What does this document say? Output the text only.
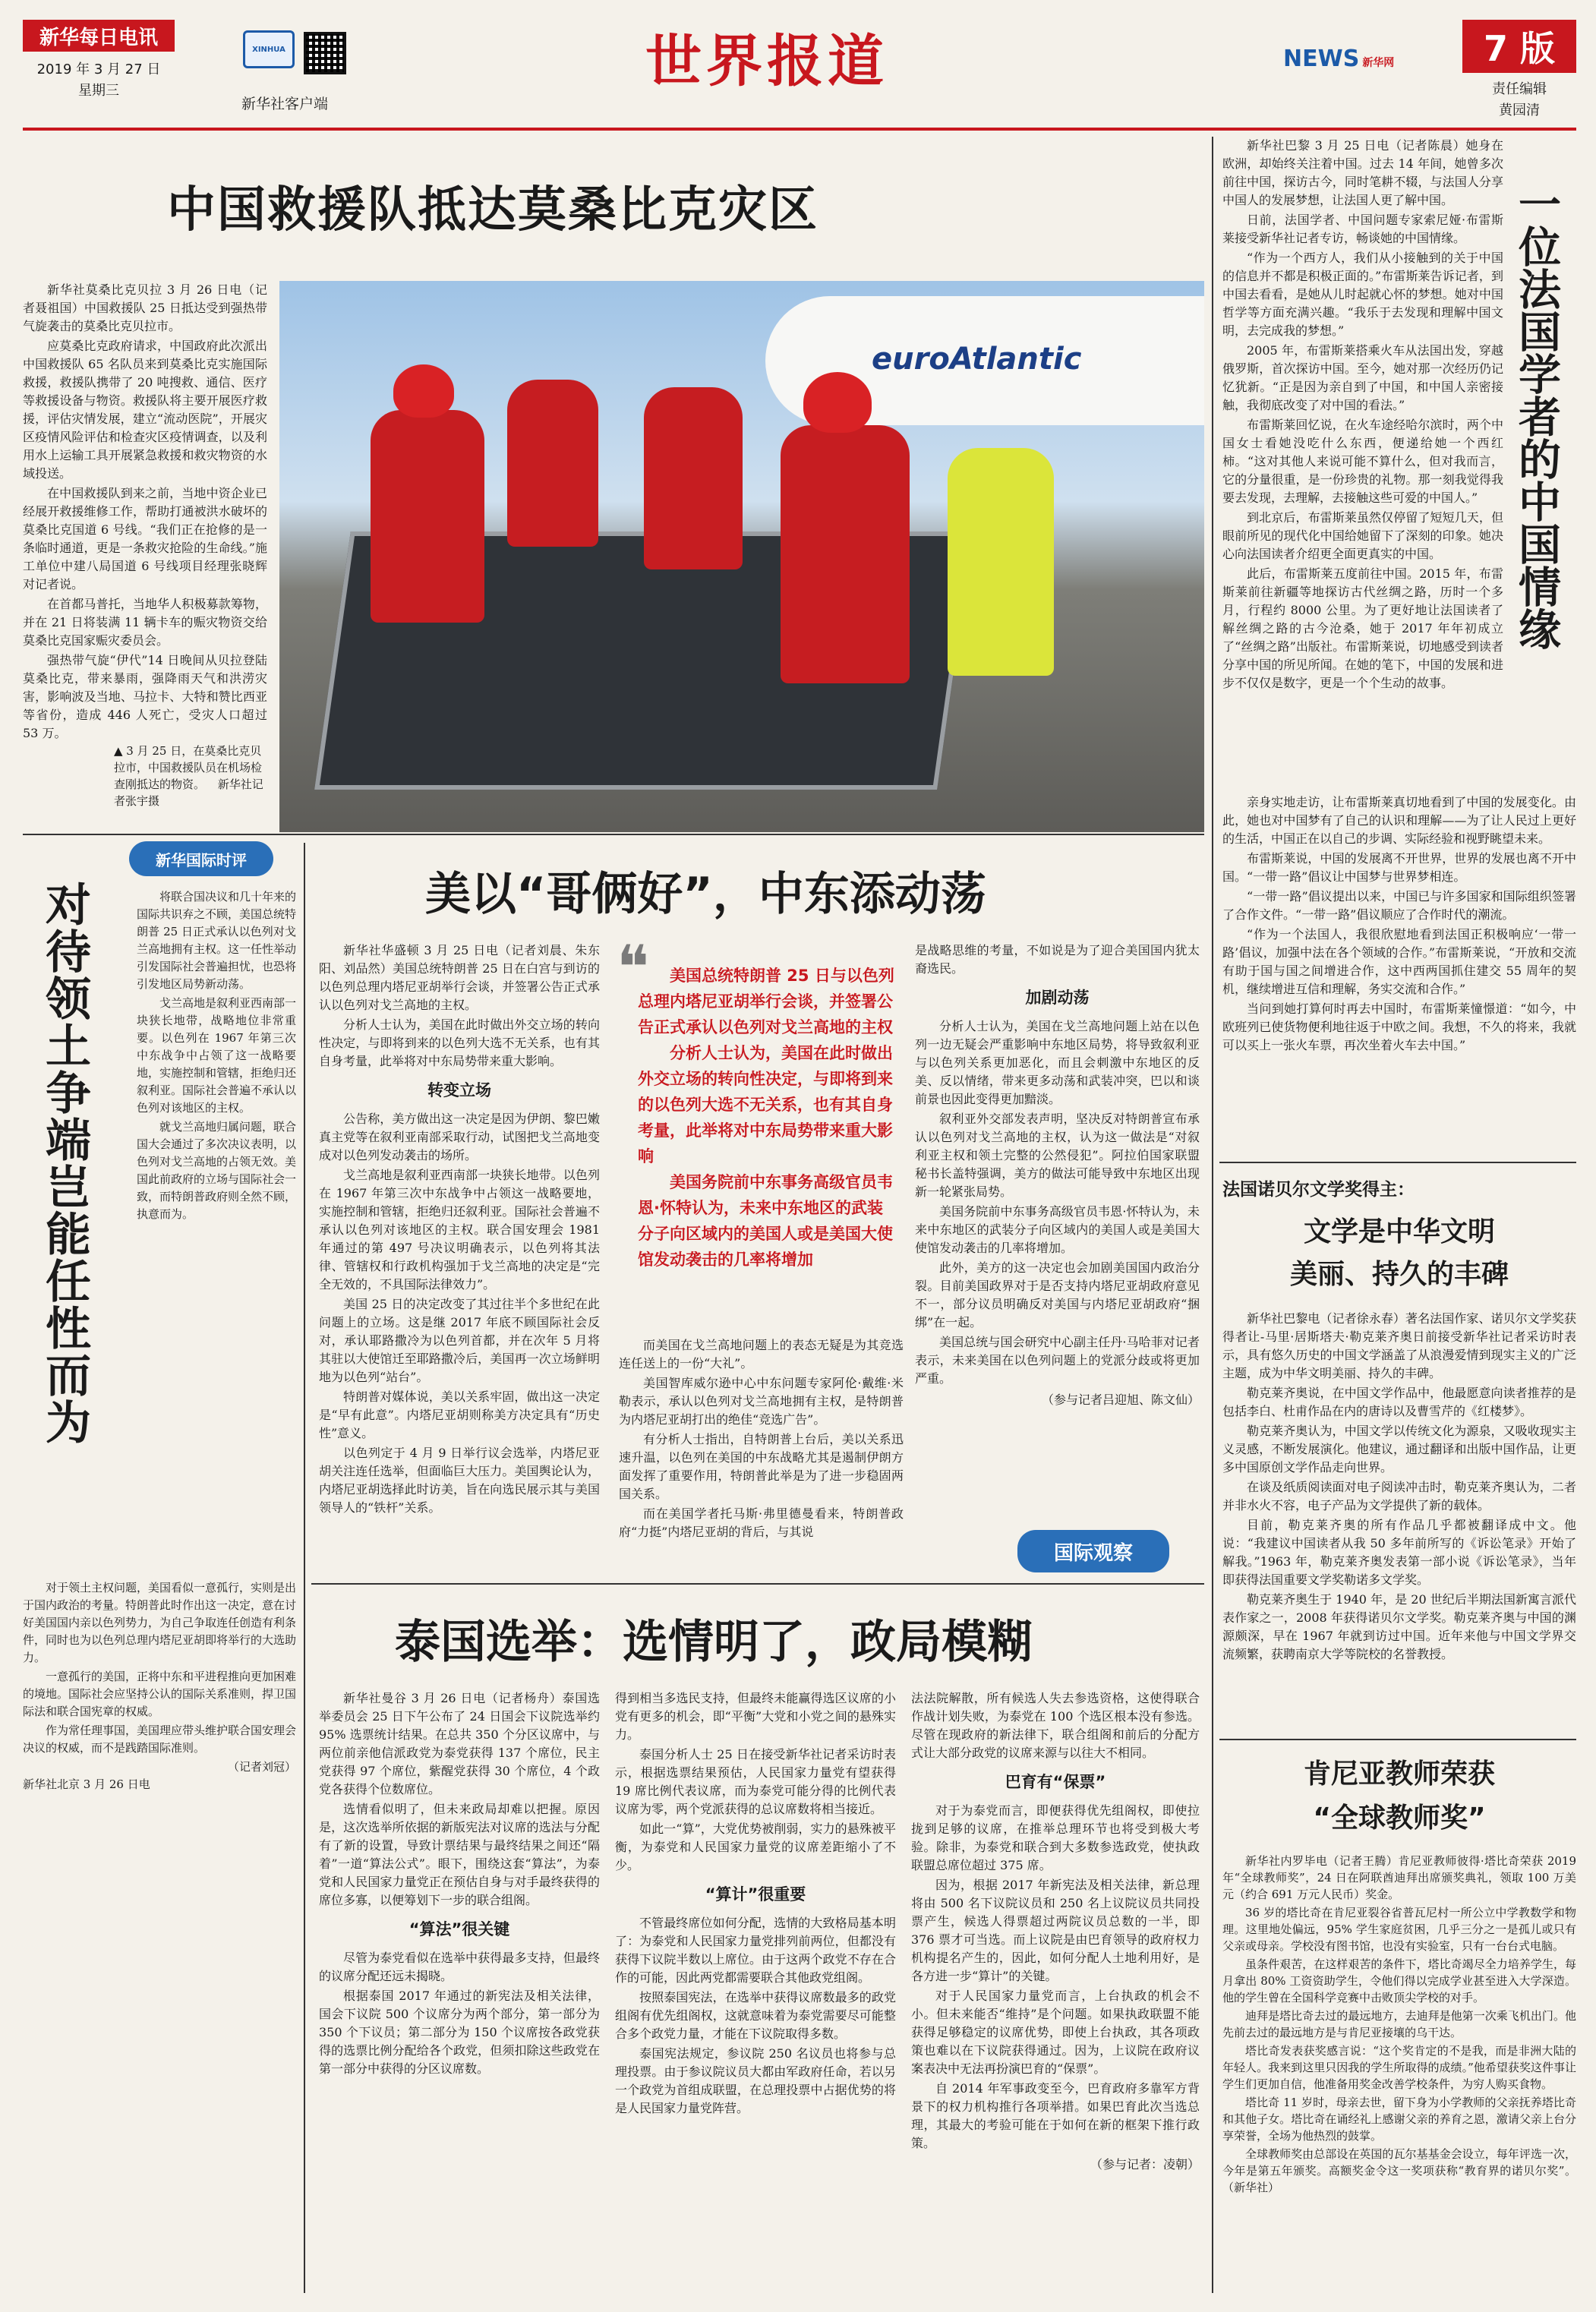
新华每日电讯
2019 年 3 月 27 日
星期三
XINHUA
新华社客户端
世界报道	NEWS 新华网	7 版
责任编辑
黄园清
中国救援队抵达莫桑比克灾区

新华社莫桑比克贝拉 3 月 26 日电（记者聂祖国）中国救援队 25 日抵达受到强热带气旋袭击的莫桑比克贝拉市。

应莫桑比克政府请求，中国政府此次派出中国救援队 65 名队员来到莫桑比克实施国际救援，救援队携带了 20 吨搜救、通信、医疗等救援设备与物资。救援队将主要开展医疗救援，评估灾情发展，建立“流动医院”，开展灾区疫情风险评估和检查灾区疫情调查，以及利用水上运输工具开展紧急救援和救灾物资的水域投送。

在中国救援队到来之前，当地中资企业已经展开救援维修工作，帮助打通被洪水破坏的莫桑比克国道 6 号线。“我们正在抢修的是一条临时通道，更是一条救灾抢险的生命线。”施工单位中建八局国道 6 号线项目经理张晓辉对记者说。

在首都马普托，当地华人积极募款筹物，并在 21 日将装满 11 辆卡车的赈灾物资交给莫桑比克国家赈灾委员会。

强热带气旋“伊代”14 日晚间从贝拉登陆莫桑比克，带来暴雨，强降雨天气和洪涝灾害，影响波及当地、马拉卡、大特和赞比西亚等省份，造成 446 人死亡，受灾人口超过 53 万。

▲ 3 月 25 日，在莫桑比克贝拉市，中国救援队员在机场检查刚抵达的物资。 新华社记者张宇摄
euroAtlantic
新华国际时评
对待领土争端岂能任性而为	将联合国决议和几十年来的国际共识弃之不顾，美国总统特朗普 25 日正式承认以色列对戈兰高地拥有主权。这一任性举动引发国际社会普遍担忧，也恐将引发地区局势新动荡。

戈兰高地是叙利亚西南部一块狭长地带，战略地位非常重要。以色列在 1967 年第三次中东战争中占领了这一战略要地，实施控制和管辖，拒绝归还叙利亚。国际社会普遍不承认以色列对该地区的主权。

就戈兰高地归属问题，联合国大会通过了多次决议表明，以色列对戈兰高地的占领无效。美国此前政府的立场与国际社会一致，而特朗普政府则全然不顾，执意而为。

对于领土主权问题，美国看似一意孤行，实则是出于国内政治的考量。特朗普此时作出这一决定，意在讨好美国国内亲以色列势力，为自己争取连任创造有利条件，同时也为以色列总理内塔尼亚胡即将举行的大选助力。

一意孤行的美国，正将中东和平进程推向更加困难的境地。国际社会应坚持公认的国际关系准则，捍卫国际法和联合国宪章的权威。

作为常任理事国，美国理应带头维护联合国安理会决议的权威，而不是践踏国际准则。

（记者刘冠）
新华社北京 3 月 26 日电
美以“哥俩好”，中东添动荡

新华社华盛顿 3 月 25 日电（记者刘晨、朱东阳、刘品然）美国总统特朗普 25 日在白宫与到访的以色列总理内塔尼亚胡举行会谈，并签署公告正式承认以色列对戈兰高地的主权。

分析人士认为，美国在此时做出外交立场的转向性决定，与即将到来的以色列大选不无关系，也有其自身考量，此举将对中东局势带来重大影响。

转变立场

公告称，美方做出这一决定是因为伊朗、黎巴嫩真主党等在叙利亚南部采取行动，试图把戈兰高地变成对以色列发动袭击的场所。

戈兰高地是叙利亚西南部一块狭长地带。以色列在 1967 年第三次中东战争中占领这一战略要地，实施控制和管辖，拒绝归还叙利亚。国际社会普遍不承认以色列对该地区的主权。联合国安理会 1981 年通过的第 497 号决议明确表示，以色列将其法律、管辖权和行政机构强加于戈兰高地的决定是“完全无效的，不具国际法律效力”。

美国 25 日的决定改变了其过往半个多世纪在此问题上的立场。这是继 2017 年底不顾国际社会反对，承认耶路撒冷为以色列首都，并在次年 5 月将其驻以大使馆迁至耶路撒冷后，美国再一次立场鲜明地为以色列“站台”。

特朗普对媒体说，美以关系牢固，做出这一决定是“早有此意”。内塔尼亚胡则称美方决定具有“历史性”意义。

以色列定于 4 月 9 日举行议会选举，内塔尼亚胡关注连任选举，但面临巨大压力。美国舆论认为，内塔尼亚胡选择此时访美，旨在向选民展示其与美国领导人的“铁杆”关系。

❝	美国总统特朗普 25 日与以色列总理内塔尼亚胡举行会谈，并签署公告正式承认以色列对戈兰高地的主权

分析人士认为，美国在此时做出外交立场的转向性决定，与即将到来的以色列大选不无关系，也有其自身考量，此举将对中东局势带来重大影响

美国务院前中东事务高级官员韦恩·怀特认为，未来中东地区的武装分子向区域内的美国人或是美国大使馆发动袭击的几率将增加

而美国在戈兰高地问题上的表态无疑是为其竞选连任送上的一份“大礼”。

美国智库威尔逊中心中东问题专家阿伦·戴维·米勒表示，承认以色列对戈兰高地拥有主权，是特朗普为内塔尼亚胡打出的绝佳“竞选广告”。

有分析人士指出，自特朗普上台后，美以关系迅速升温，以色列在美国的中东战略尤其是遏制伊朗方面发挥了重要作用，特朗普此举是为了进一步稳固两国关系。

而在美国学者托马斯·弗里德曼看来，特朗普政府“力挺”内塔尼亚胡的背后，与其说

是战略思维的考量，不如说是为了迎合美国国内犹太裔选民。

加剧动荡

分析人士认为，美国在戈兰高地问题上站在以色列一边无疑会严重影响中东地区局势，将导致叙利亚与以色列关系更加恶化，而且会刺激中东地区的反美、反以情绪，带来更多动荡和武装冲突，巴以和谈前景也因此变得更加黯淡。

叙利亚外交部发表声明，坚决反对特朗普宣布承认以色列对戈兰高地的主权，认为这一做法是“对叙利亚主权和领土完整的公然侵犯”。阿拉伯国家联盟秘书长盖特强调，美方的做法可能导致中东地区出现新一轮紧张局势。

美国务院前中东事务高级官员韦恩·怀特认为，未来中东地区的武装分子向区域内的美国人或是美国大使馆发动袭击的几率将增加。

此外，美方的这一决定也会加剧美国国内政治分裂。目前美国政界对于是否支持内塔尼亚胡政府意见不一，部分议员明确反对美国与内塔尼亚胡政府“捆绑”在一起。

美国总统与国会研究中心副主任丹·马哈菲对记者表示，未来美国在以色列问题上的党派分歧或将更加严重。

（参与记者吕迎旭、陈文仙）
国际观察
泰国选举：选情明了，政局模糊

新华社曼谷 3 月 26 日电（记者杨舟）泰国选举委员会 25 日下午公布了 24 日国会下议院选举约 95% 选票统计结果。在总共 350 个分区议席中，与两位前亲他信派政党为泰党获得 137 个席位，民主党获得 97 个席位，紫醒党获得 30 个席位，4 个政党各获得个位数席位。

选情看似明了，但未来政局却难以把握。原因是，这次选举所依据的新版宪法对议席的选法与分配有了新的设置，导致计票结果与最终结果之间还“隔着”一道“算法公式”。眼下，围绕这套“算法”，为泰党和人民国家力量党正在预估自身与对手最终获得的席位多寡，以便筹划下一步的联合组阁。

“算法”很关键

尽管为泰党看似在选举中获得最多支持，但最终的议席分配还远未揭晓。

根据泰国 2017 年通过的新宪法及相关法律，国会下议院 500 个议席分为两个部分，第一部分为 350 个下议员；第二部分为 150 个议席按各政党获得的选票比例分配给各个政党，但须扣除这些政党在第一部分中获得的分区议席数。

得到相当多选民支持，但最终未能赢得选区议席的小党有更多的机会，即“平衡”大党和小党之间的悬殊实力。

泰国分析人士 25 日在接受新华社记者采访时表示，根据选票结果预估，人民国家力量党有望获得 19 席比例代表议席，而为泰党可能分得的比例代表议席为零，两个党派获得的总议席数将相当接近。

如此一“算”，大党优势被削弱，实力的悬殊被平衡，为泰党和人民国家力量党的议席差距缩小了不少。

“算计”很重要

不管最终席位如何分配，选情的大致格局基本明了：为泰党和人民国家力量党排列前两位，但都没有获得下议院半数以上席位。由于这两个政党不存在合作的可能，因此两党都需要联合其他政党组阁。

按照泰国宪法，在选举中获得议席数最多的政党组阁有优先组阁权，这就意味着为泰党需要尽可能整合多个政党力量，才能在下议院取得多数。

泰国宪法规定，参议院 250 名议员也将参与总理投票。由于参议院议员大都由军政府任命，若以另一个政党为首组成联盟，在总理投票中占据优势的将是人民国家力量党阵营。

法法院解散，所有候选人失去参选资格，这使得联合作战计划失败，为泰党在 100 个选区根本没有参选。尽管在现政府的新法律下，联合组阁和前后的分配方式让大部分政党的议席来源与以往大不相同。

巴育有“保票”

对于为泰党而言，即便获得优先组阁权，即使拉拢到足够的议席，在推举总理环节也将受到极大考验。除非，为泰党和联合到大多数参选政党，使执政联盟总席位超过 375 席。

因为，根据 2017 年新宪法及相关法律，新总理将由 500 名下议院议员和 250 名上议院议员共同投票产生，候选人得票超过两院议员总数的一半，即 376 票才可当选。而上议院是由巴育领导的政府权力机构提名产生的，因此，如何分配人土地利用好，是各方进一步“算计”的关键。

对于人民国家力量党而言，上台执政的机会不小。但未来能否“维持”是个问题。如果执政联盟不能获得足够稳定的议席优势，即使上台执政，其各项政策也难以在下议院获得通过。因为，上议院在政府议案表决中无法再扮演巴育的“保票”。

自 2014 年军事政变至今，巴育政府多靠军方背景下的权力机构推行各项举措。如果巴育此次当选总理，其最大的考验可能在于如何在新的框架下推行政策。

（参与记者：凌朝）

新华社巴黎 3 月 25 日电（记者陈晨）她身在欧洲，却始终关注着中国。过去 14 年间，她曾多次前往中国，探访古今，同时笔耕不辍，与法国人分享中国人的发展梦想，让法国人更了解中国。

日前，法国学者、中国问题专家索尼娅·布雷斯莱接受新华社记者专访，畅谈她的中国情缘。

“作为一个西方人，我们从小接触到的关于中国的信息并不都是积极正面的。”布雷斯莱告诉记者，到中国去看看，是她从儿时起就心怀的梦想。她对中国哲学等方面充满兴趣。“我乐于去发现和理解中国文明，去完成我的梦想。”

2005 年，布雷斯莱搭乘火车从法国出发，穿越俄罗斯，首次探访中国。至今，她对那一次经历仍记忆犹新。“正是因为亲自到了中国，和中国人亲密接触，我彻底改变了对中国的看法。”

布雷斯莱回忆说，在火车途经哈尔滨时，两个中国女士看她没吃什么东西，便递给她一个西红柿。“这对其他人来说可能不算什么，但对我而言，它的分量很重，是一份珍贵的礼物。那一刻我觉得我要去发现，去理解，去接触这些可爱的中国人。”

到北京后，布雷斯莱虽然仅停留了短短几天，但眼前所见的现代化中国给她留下了深刻的印象。她决心向法国读者介绍更全面更真实的中国。

此后，布雷斯莱五度前往中国。2015 年，布雷斯莱前往新疆等地探访古代丝绸之路，历时一个多月，行程约 8000 公里。为了更好地让法国读者了解丝绸之路的古今沧桑，她于 2017 年年初成立了“丝绸之路”出版社。布雷斯莱说，切地感受到读者分享中国的所见所闻。在她的笔下，中国的发展和进步不仅仅是数字，更是一个个生动的故事。

一位法国学者的中国情缘

亲身实地走访，让布雷斯莱真切地看到了中国的发展变化。由此，她也对中国梦有了自己的认识和理解——为了让人民过上更好的生活，中国正在以自己的步调、实际经验和视野眺望未来。

布雷斯莱说，中国的发展离不开世界，世界的发展也离不开中国。“一带一路”倡议让中国梦与世界梦相连。

“一带一路”倡议提出以来，中国已与许多国家和国际组织签署了合作文件。“一带一路”倡议顺应了合作时代的潮流。

“作为一个法国人，我很欣慰地看到法国正积极响应‘一带一路’倡议，加强中法在各个领域的合作。”布雷斯莱说，“开放和交流有助于国与国之间增进合作，这中西两国抓住建交 55 周年的契机，继续增进互信和理解，务实交流和合作。”

当问到她打算何时再去中国时，布雷斯莱憧憬道：“如今，中欧班列已使货物便利地往返于中欧之间。我想，不久的将来，我就可以买上一张火车票，再次坐着火车去中国。”

法国诺贝尔文学奖得主：
文学是中华文明
美丽、持久的丰碑

新华社巴黎电（记者徐永春）著名法国作家、诺贝尔文学奖获得者让-马里·居斯塔夫·勒克莱齐奥日前接受新华社记者采访时表示，具有悠久历史的中国文学涵盖了从浪漫爱情到现实主义的广泛主题，成为中华文明美丽、持久的丰碑。

勒克莱齐奥说，在中国文学作品中，他最愿意向读者推荐的是包括李白、杜甫作品在内的唐诗以及曹雪芹的《红楼梦》。

勒克莱齐奥认为，中国文学以传统文化为源泉，又吸收现实主义灵感，不断发展演化。他建议，通过翻译和出版中国作品，让更多中国原创文学作品走向世界。

在谈及纸质阅读面对电子阅读冲击时，勒克莱齐奥认为，二者并非水火不容，电子产品为文学提供了新的载体。

目前，勒克莱齐奥的所有作品几乎都被翻译成中文。他说：“我建议中国读者从我 50 多年前所写的《诉讼笔录》开始了解我。”1963 年，勒克莱齐奥发表第一部小说《诉讼笔录》，当年即获得法国重要文学奖勒诺多文学奖。

勒克莱齐奥生于 1940 年，是 20 世纪后半期法国新寓言派代表作家之一，2008 年获得诺贝尔文学奖。勒克莱齐奥与中国的渊源颇深，早在 1967 年就到访过中国。近年来他与中国文学界交流频繁，获聘南京大学等院校的名誉教授。

肯尼亚教师荣获
“全球教师奖”

新华社内罗毕电（记者王腾）肯尼亚教师彼得·塔比奇荣获 2019 年“全球教师奖”，24 日在阿联酋迪拜出席颁奖典礼，领取 100 万美元（约合 691 万元人民币）奖金。

36 岁的塔比奇在肯尼亚裂谷省普瓦尼村一所公立中学教数学和物理。这里地处偏远，95% 学生家庭贫困，几乎三分之一是孤儿或只有父亲或母亲。学校没有图书馆，也没有实验室，只有一台台式电脑。

虽条件艰苦，在这样艰苦的条件下，塔比奇竭尽全力培养学生，每月拿出 80% 工资资助学生，令他们得以完成学业甚至进入大学深造。他的学生曾在全国科学竞赛中击败顶尖学校的对手。

迪拜是塔比奇去过的最远地方，去迪拜是他第一次乘飞机出门。他先前去过的最远地方是与肯尼亚接壤的乌干达。

塔比奇发表获奖感言说：“这个奖肯定的不是我，而是非洲大陆的年轻人。我来到这里只因我的学生所取得的成绩。”他希望获奖这件事让学生们更加自信，他准备用奖金改善学校条件，为穷人购买食物。

塔比奇 11 岁时，母亲去世，留下身为小学教师的父亲抚养塔比奇和其他子女。塔比奇在诵经礼上感谢父亲的养育之恩，激请父亲上台分享荣誉，全场为他热烈的鼓掌。

全球教师奖由总部设在英国的瓦尔基基金会设立，每年评选一次，今年是第五年颁奖。高额奖金令这一奖项获称“教育界的诺贝尔奖”。（新华社）
